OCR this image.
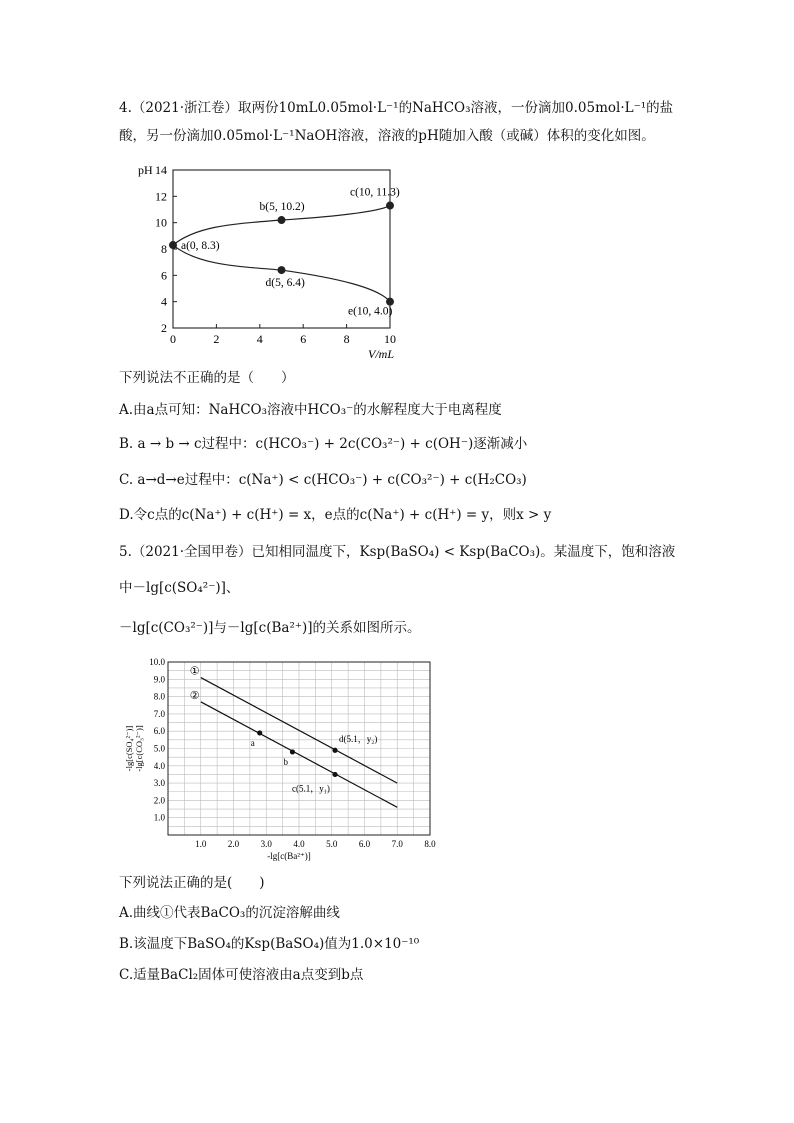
4.（2021·浙江卷）取两份10mL0.05mol·L⁻¹的NaHCO₃溶液，一份滴加0.05mol·L⁻¹的盐
酸，另一份滴加0.05mol·L⁻¹NaOH溶液，溶液的pH随加入酸（或碱）体积的变化如图。
2
4
6
8
10
12
14
0	2	4	6	8	10
pH
V/mL
a(0, 8.3)
b(5, 10.2)
c(10, 11.3)
d(5, 6.4)
e(10, 4.0)
下列说法不正确的是（　　）
A.由a点可知：NaHCO₃溶液中HCO₃⁻的水解程度大于电离程度
B. a → b → c过程中：c(HCO₃⁻) + 2c(CO₃²⁻) + c(OH⁻)逐渐减小
C. a→d→e过程中：c(Na⁺) < c(HCO₃⁻) + c(CO₃²⁻) + c(H₂CO₃)
D.令c点的c(Na⁺) + c(H⁺) = x，e点的c(Na⁺) + c(H⁺) = y，则x > y
5.（2021·全国甲卷）已知相同温度下，Ksp(BaSO₄) < Ksp(BaCO₃)。某温度下，饱和溶液
中－lg[c(SO₄²⁻)]、
－lg[c(CO₃²⁻)]与－lg[c(Ba²⁺)]的关系如图所示。
1.0
2.0
3.0
4.0
5.0
6.0
7.0
8.0
9.0
10.0
1.0 2.0 3.0 4.0 5.0 6.0 7.0 8.0
-lg[c(Ba²⁺)]
-lg[c(SO₄²⁻)] -lg[c(CO₃²⁻)]
①
②
a
b
c(5.1，y₁)
d(5.1，y₂)
下列说法正确的是(　　)
A.曲线①代表BaCO₃的沉淀溶解曲线
B.该温度下BaSO₄的Ksp(BaSO₄)值为1.0×10⁻¹⁰
C.适量BaCl₂固体可使溶液由a点变到b点
